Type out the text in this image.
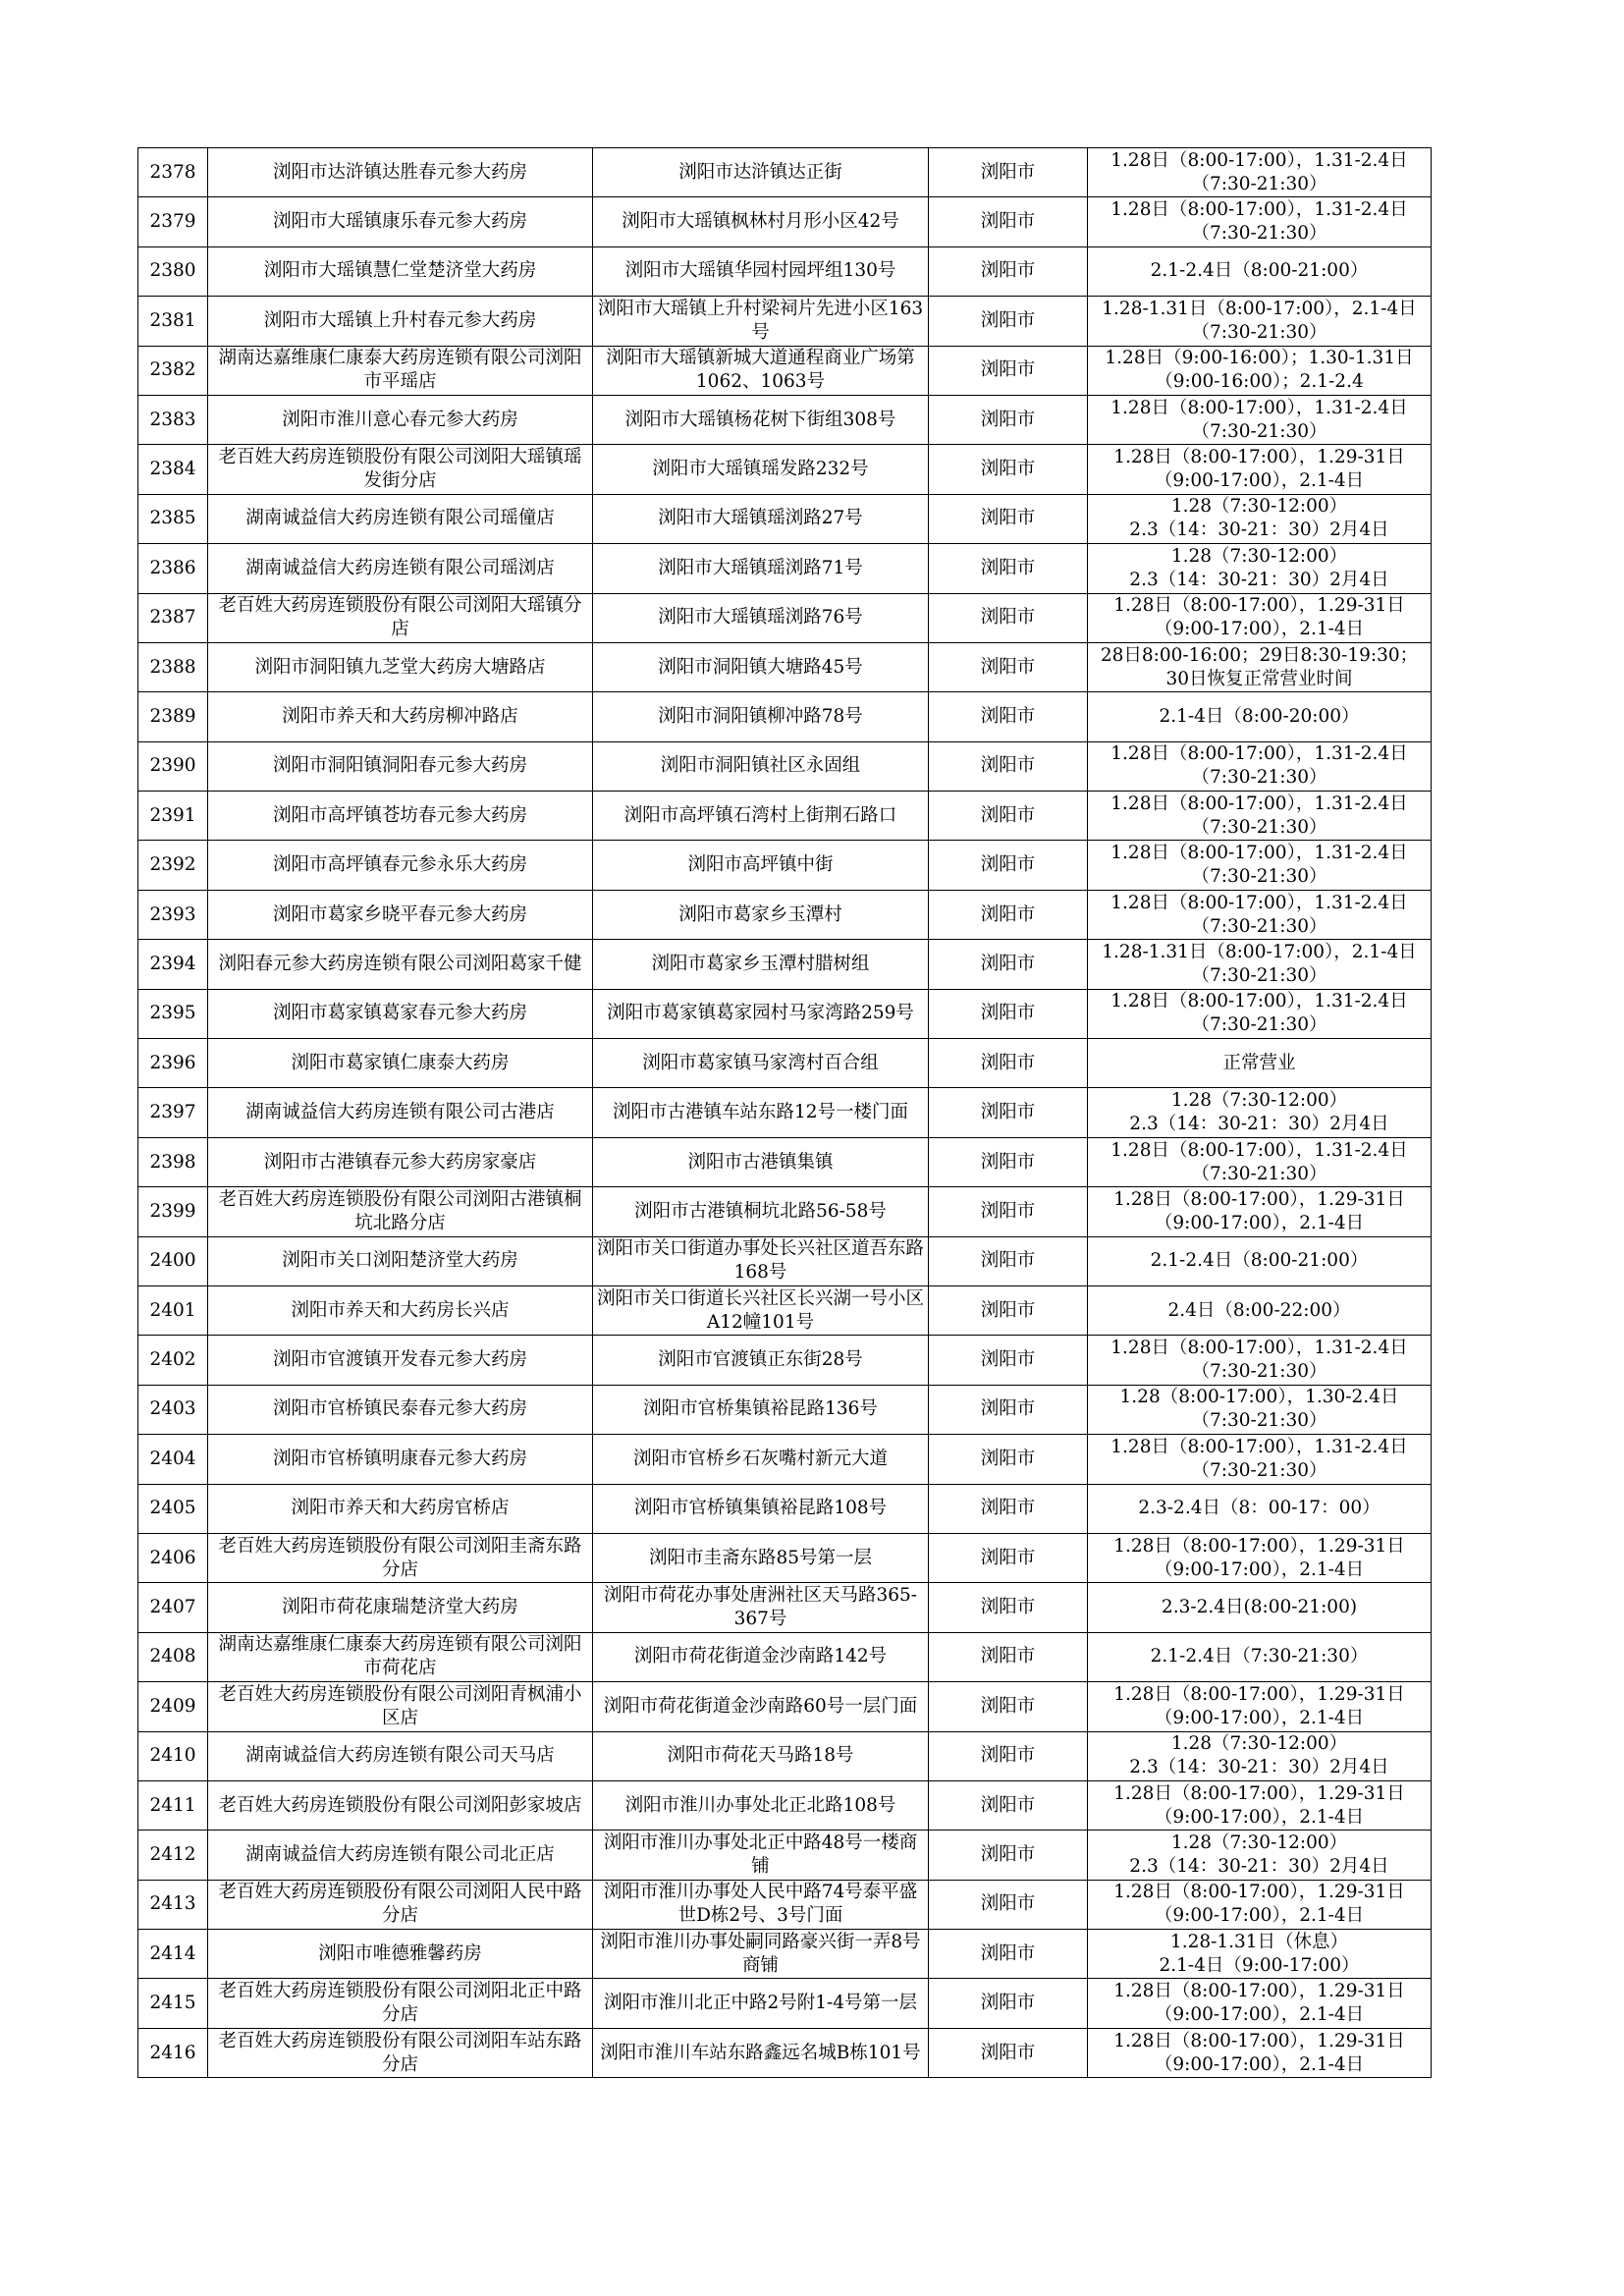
2378	浏阳市达浒镇达胜春元参大药房	浏阳市达浒镇达正街	浏阳市	1.28日（8:00-17:00），1.31-2.4日（7:30-21:30）

2379	浏阳市大瑶镇康乐春元参大药房	浏阳市大瑶镇枫林村月形小区42号	浏阳市	1.28日（8:00-17:00），1.31-2.4日（7:30-21:30）

2380	浏阳市大瑶镇慧仁堂楚济堂大药房	浏阳市大瑶镇华园村园坪组130号	浏阳市	2.1-2.4日（8:00-21:00）

2381	浏阳市大瑶镇上升村春元参大药房	浏阳市大瑶镇上升村梁祠片先进小区163号	浏阳市	1.28-1.31日（8:00-17:00），2.1-4日（7:30-21:30）

2382	湖南达嘉维康仁康泰大药房连锁有限公司浏阳市平瑶店	浏阳市大瑶镇新城大道通程商业广场第1062、1063号	浏阳市	1.28日（9:00-16:00）；1.30-1.31日（9:00-16:00）；2.1-2.4

2383	浏阳市淮川意心春元参大药房	浏阳市大瑶镇杨花树下街组308号	浏阳市	1.28日（8:00-17:00），1.31-2.4日（7:30-21:30）

2384	老百姓大药房连锁股份有限公司浏阳大瑶镇瑶发街分店	浏阳市大瑶镇瑶发路232号	浏阳市	1.28日（8:00-17:00），1.29-31日（9:00-17:00），2.1-4日

2385	湖南诚益信大药房连锁有限公司瑶僮店	浏阳市大瑶镇瑶浏路27号	浏阳市	1.28（7:30-12:00）
2.3（14：30-21：30）2月4日

2386	湖南诚益信大药房连锁有限公司瑶浏店	浏阳市大瑶镇瑶浏路71号	浏阳市	1.28（7:30-12:00）
2.3（14：30-21：30）2月4日

2387	老百姓大药房连锁股份有限公司浏阳大瑶镇分店	浏阳市大瑶镇瑶浏路76号	浏阳市	1.28日（8:00-17:00），1.29-31日（9:00-17:00），2.1-4日

2388	浏阳市洞阳镇九芝堂大药房大塘路店	浏阳市洞阳镇大塘路45号	浏阳市	28日8:00-16:00；29日8:30-19:30；30日恢复正常营业时间

2389	浏阳市养天和大药房柳冲路店	浏阳市洞阳镇柳冲路78号	浏阳市	2.1-4日（8:00-20:00）

2390	浏阳市洞阳镇洞阳春元参大药房	浏阳市洞阳镇社区永固组	浏阳市	1.28日（8:00-17:00），1.31-2.4日（7:30-21:30）

2391	浏阳市高坪镇苍坊春元参大药房	浏阳市高坪镇石湾村上街荆石路口	浏阳市	1.28日（8:00-17:00），1.31-2.4日（7:30-21:30）

2392	浏阳市高坪镇春元参永乐大药房	浏阳市高坪镇中街	浏阳市	1.28日（8:00-17:00），1.31-2.4日（7:30-21:30）

2393	浏阳市葛家乡晓平春元参大药房	浏阳市葛家乡玉潭村	浏阳市	1.28日（8:00-17:00），1.31-2.4日（7:30-21:30）

2394	浏阳春元参大药房连锁有限公司浏阳葛家千健	浏阳市葛家乡玉潭村腊树组	浏阳市	1.28-1.31日（8:00-17:00），2.1-4日（7:30-21:30）

2395	浏阳市葛家镇葛家春元参大药房	浏阳市葛家镇葛家园村马家湾路259号	浏阳市	1.28日（8:00-17:00），1.31-2.4日（7:30-21:30）

2396	浏阳市葛家镇仁康泰大药房	浏阳市葛家镇马家湾村百合组	浏阳市	正常营业

2397	湖南诚益信大药房连锁有限公司古港店	浏阳市古港镇车站东路12号一楼门面	浏阳市	1.28（7:30-12:00）
2.3（14：30-21：30）2月4日

2398	浏阳市古港镇春元参大药房家豪店	浏阳市古港镇集镇	浏阳市	1.28日（8:00-17:00），1.31-2.4日（7:30-21:30）

2399	老百姓大药房连锁股份有限公司浏阳古港镇桐坑北路分店	浏阳市古港镇桐坑北路56-58号	浏阳市	1.28日（8:00-17:00），1.29-31日（9:00-17:00），2.1-4日

2400	浏阳市关口浏阳楚济堂大药房	浏阳市关口街道办事处长兴社区道吾东路168号	浏阳市	2.1-2.4日（8:00-21:00）

2401	浏阳市养天和大药房长兴店	浏阳市关口街道长兴社区长兴湖一号小区A12幢101号	浏阳市	2.4日（8:00-22:00）

2402	浏阳市官渡镇开发春元参大药房	浏阳市官渡镇正东街28号	浏阳市	1.28日（8:00-17:00），1.31-2.4日（7:30-21:30）

2403	浏阳市官桥镇民泰春元参大药房	浏阳市官桥集镇裕昆路136号	浏阳市	1.28（8:00-17:00），1.30-2.4日（7:30-21:30）

2404	浏阳市官桥镇明康春元参大药房	浏阳市官桥乡石灰嘴村新元大道	浏阳市	1.28日（8:00-17:00），1.31-2.4日（7:30-21:30）

2405	浏阳市养天和大药房官桥店	浏阳市官桥镇集镇裕昆路108号	浏阳市	2.3-2.4日（8：00-17：00）

2406	老百姓大药房连锁股份有限公司浏阳圭斋东路分店	浏阳市圭斋东路85号第一层	浏阳市	1.28日（8:00-17:00），1.29-31日（9:00-17:00），2.1-4日

2407	浏阳市荷花康瑞楚济堂大药房	浏阳市荷花办事处唐洲社区天马路365-367号	浏阳市	2.3-2.4日(8:00-21:00)

2408	湖南达嘉维康仁康泰大药房连锁有限公司浏阳市荷花店	浏阳市荷花街道金沙南路142号	浏阳市	2.1-2.4日（7:30-21:30）

2409	老百姓大药房连锁股份有限公司浏阳青枫浦小区店	浏阳市荷花街道金沙南路60号一层门面	浏阳市	1.28日（8:00-17:00），1.29-31日（9:00-17:00），2.1-4日

2410	湖南诚益信大药房连锁有限公司天马店	浏阳市荷花天马路18号	浏阳市	1.28（7:30-12:00）
2.3（14：30-21：30）2月4日

2411	老百姓大药房连锁股份有限公司浏阳彭家坡店	浏阳市淮川办事处北正北路108号	浏阳市	1.28日（8:00-17:00），1.29-31日（9:00-17:00），2.1-4日

2412	湖南诚益信大药房连锁有限公司北正店	浏阳市淮川办事处北正中路48号一楼商铺	浏阳市	1.28（7:30-12:00）
2.3（14：30-21：30）2月4日

2413	老百姓大药房连锁股份有限公司浏阳人民中路分店	浏阳市淮川办事处人民中路74号泰平盛世D栋2号、3号门面	浏阳市	1.28日（8:00-17:00），1.29-31日（9:00-17:00），2.1-4日

2414	浏阳市唯德雅馨药房	浏阳市淮川办事处嗣同路豪兴街一弄8号商铺	浏阳市	1.28-1.31日（休息）
2.1-4日（9:00-17:00）

2415	老百姓大药房连锁股份有限公司浏阳北正中路分店	浏阳市淮川北正中路2号附1-4号第一层	浏阳市	1.28日（8:00-17:00），1.29-31日（9:00-17:00），2.1-4日

2416	老百姓大药房连锁股份有限公司浏阳车站东路分店	浏阳市淮川车站东路鑫远名城B栋101号	浏阳市	1.28日（8:00-17:00），1.29-31日（9:00-17:00），2.1-4日
